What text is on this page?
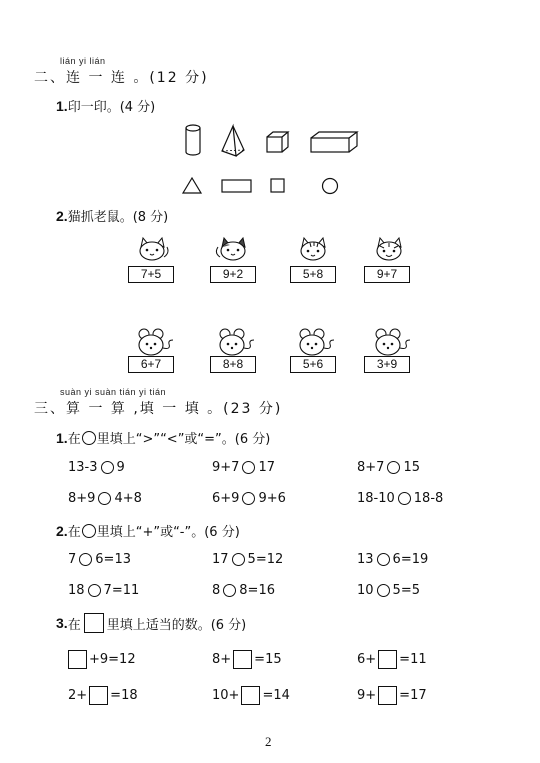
lián yi lián
二、连 一 连 。(12 分)
1.印一印。(4 分)
2.猫抓老鼠。(8 分)
7+5	9+2	5+8	9+7
6+7	8+8	5+6	3+9
suàn yi suàn tián yi tián
三、算 一 算 ,填 一 填 。(23 分)
1. 在 里填上“>”“<”或“=”。(6 分)
13-3 9	9+7 17	8+7 15
8+9 4+8	6+9 9+6	18-10 18-8
2. 在 里填上“+”或“-”。(6 分)
7 6=13	17 5=12	13 6=19
18 7=11	8 8=16	10 5=5
3. 在 里填上适当的数。(6 分)
+9=12	8+ =15	6+ =11
2+ =18	10+ =14	9+ =17
2
